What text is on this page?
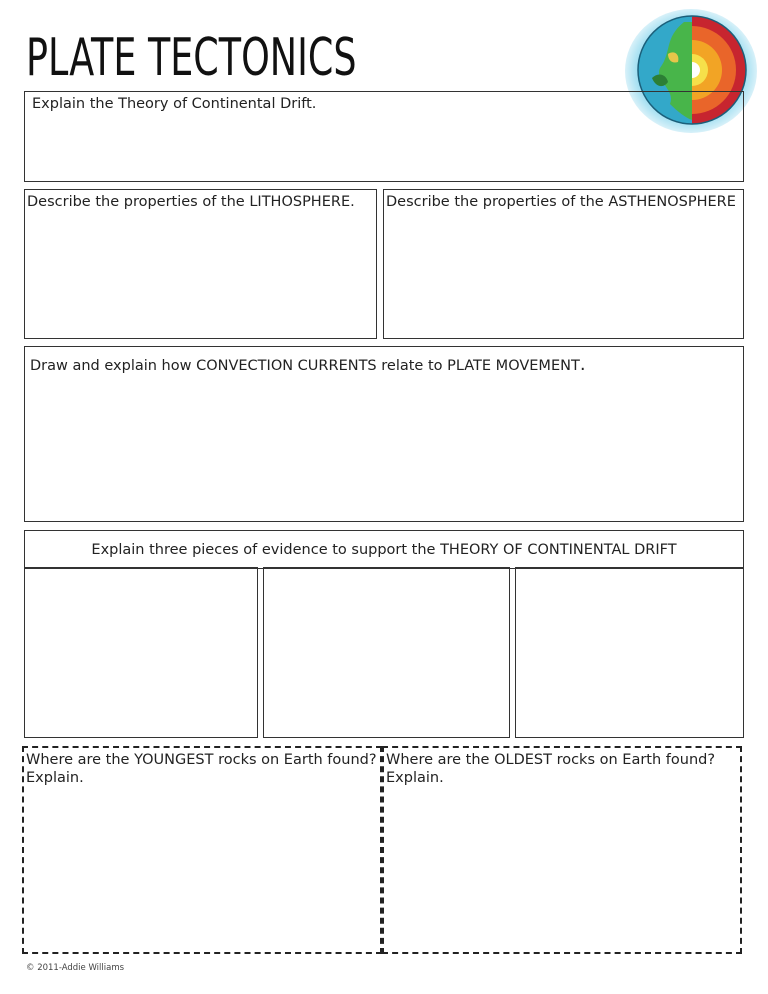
PLATE TECTONICS
Explain the Theory of Continental Drift.
Describe the properties of the LITHOSPHERE. Describe the properties of the ASTHENOSPHERE
Draw and explain how CONVECTION CURRENTS relate to PLATE MOVEMENT.
Explain three pieces of evidence to support the THEORY OF CONTINENTAL DRIFT
Where are the YOUNGEST rocks on Earth found?
Explain.
Where are the OLDEST rocks on Earth found?
Explain.
© 2011-Addie Williams
